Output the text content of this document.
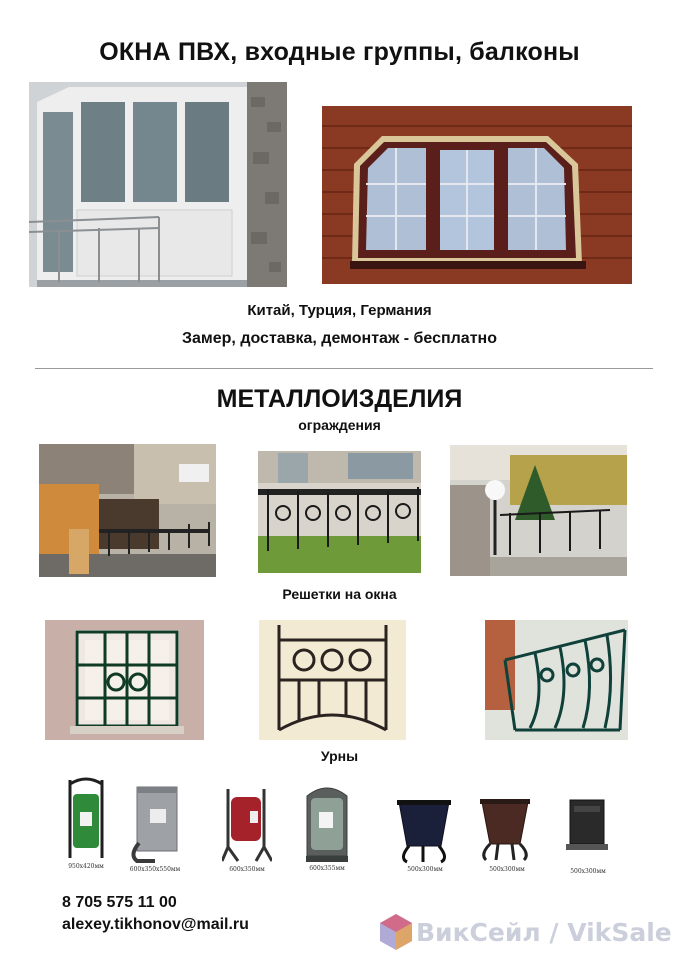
ОКНА ПВХ, входные группы, балконы
Китай, Турция, Германия
Замер, доставка, демонтаж - бесплатно
МЕТАЛЛОИЗДЕЛИЯ
ограждения
Решетки на окна
Урны
950х420мм	600х350х550мм	600х350мм	600х355мм	500х300мм	500х300мм	500х300мм
8 705 575 11 00
alexey.tikhonov@mail.ru	ВикСейл / VikSale
